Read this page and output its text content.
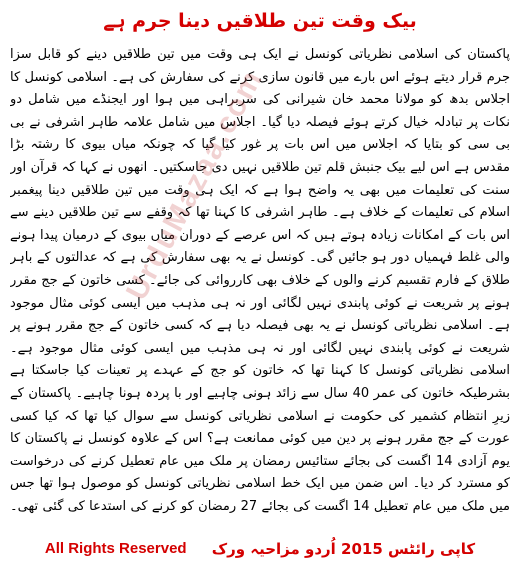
بیک وقت تین طلاقیں دینا جرم ہے

پاکستان کی اسلامی نظریاتی کونسل نے ایک ہی وقت میں تین طلاقیں دینے کو قابل سزا جرم قرار دیتے ہوئے اس بارے میں قانون سازی کرنے کی سفارش کی ہے۔ اسلامی کونسل کا اجلاس بدھ کو مولانا محمد خان شیرانی کی سربراہی میں ہوا اور ایجنڈے میں شامل دو نکات پر تبادلہ خیال کرتے ہوئے فیصلہ دیا گیا۔ اجلاس میں شامل علامہ طاہر اشرفی نے بی بی سی کو بتایا کہ اجلاس میں اس بات پر غور کیا گیا کہ چونکہ میاں بیوی کا رشتہ بڑا مقدس ہے اس لیے بیک جنبش قلم تین طلاقیں نہیں دی جاسکتیں۔ انھوں نے کہا کہ قرآن اور سنت کی تعلیمات میں بھی یہ واضح ہوا ہے کہ ایک ہی وقت میں تین طلاقیں دینا پیغمبر اسلام کی تعلیمات کے خلاف ہے۔ طاہر اشرفی کا کہنا تھا کہ وقفے سے تین طلاقیں دینے سے اس بات کے امکانات زیادہ ہوتے ہیں کہ اس عرصے کے دوران میاں بیوی کے درمیان پیدا ہونے والی غلط فہمیاں دور ہو جائیں گی۔ کونسل نے یہ بھی سفارش کی ہے کہ عدالتوں کے باہر طلاق کے فارم تقسیم کرنے والوں کے خلاف بھی کارروائی کی جائے۔ کسی خاتون کے جج مقرر ہونے پر شریعت نے کوئی پابندی نہیں لگائی اور نہ ہی مذہب میں ایسی کوئی مثال موجود ہے۔ اسلامی نظریاتی کونسل نے یہ بھی فیصلہ دیا ہے کہ کسی خاتون کے جج مقرر ہونے پر شریعت نے کوئی پابندی نہیں لگائی اور نہ ہی مذہب میں ایسی کوئی مثال موجود ہے۔ اسلامی نظریاتی کونسل کا کہنا تھا کہ خاتون کو جج کے عہدے پر تعینات کیا جاسکتا ہے بشرطیکہ خاتون کی عمر 40 سال سے زائد ہونی چاہیے اور با پردہ ہونا چاہیے۔ پاکستان کے زیرِ انتظام کشمیر کی حکومت نے اسلامی نظریاتی کونسل سے سوال کیا تھا کہ کیا کسی عورت کے جج مقرر ہونے پر دین میں کوئی ممانعت ہے؟ اس کے علاوہ کونسل نے پاکستان کا یوم آزادی 14 اگست کی بجائے ستائیس رمضان پر ملک میں عام تعطیل کرنے کی درخواست کو مسترد کر دیا۔ اس ضمن میں ایک خط اسلامی نظریاتی کونسل کو موصول ہوا تھا جس میں ملک میں عام تعطیل 14 اگست کی بجائے 27 رمضان کو کرنے کی استدعا کی گئی تھی۔

UrduMazaa.com
All Rights Reserved کاپی رائٹس 2015 اُردو مزاحیہ ورک
